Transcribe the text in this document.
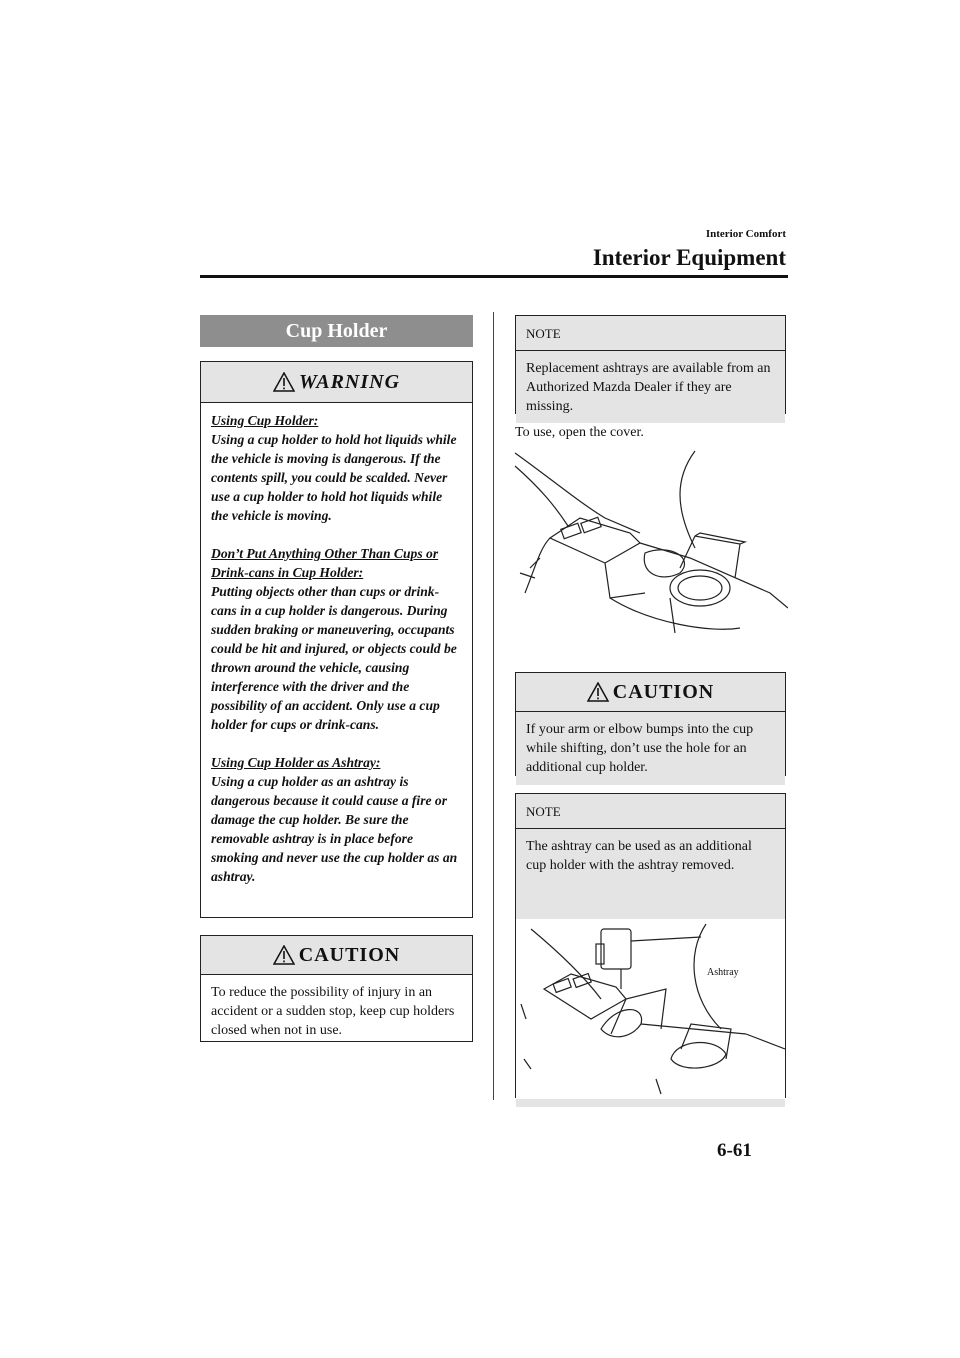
Interior Comfort
Interior Equipment
Cup Holder
WARNING

Using Cup Holder:
Using a cup holder to hold hot liquids while the vehicle is moving is dangerous. If the contents spill, you could be scalded. Never use a cup holder to hold hot liquids while the vehicle is moving.

Don’t Put Anything Other Than Cups or Drink-cans in Cup Holder:
Putting objects other than cups or drink-cans in a cup holder is dangerous. During sudden braking or maneuvering, occupants could be hit and injured, or objects could be thrown around the vehicle, causing interference with the driver and the possibility of an accident. Only use a cup holder for cups or drink-cans.

Using Cup Holder as Ashtray:
Using a cup holder as an ashtray is dangerous because it could cause a fire or damage the cup holder. Be sure the removable ashtray is in place before smoking and never use the cup holder as an ashtray.

CAUTION
To reduce the possibility of injury in an accident or a sudden stop, keep cup holders closed when not in use.
NOTE
Replacement ashtrays are available from an Authorized Mazda Dealer if they are missing.
To use, open the cover.
CAUTION
If your arm or elbow bumps into the cup while shifting, don’t use the hole for an additional cup holder.
NOTE
The ashtray can be used as an additional cup holder with the ashtray removed.
Ashtray
6-61
